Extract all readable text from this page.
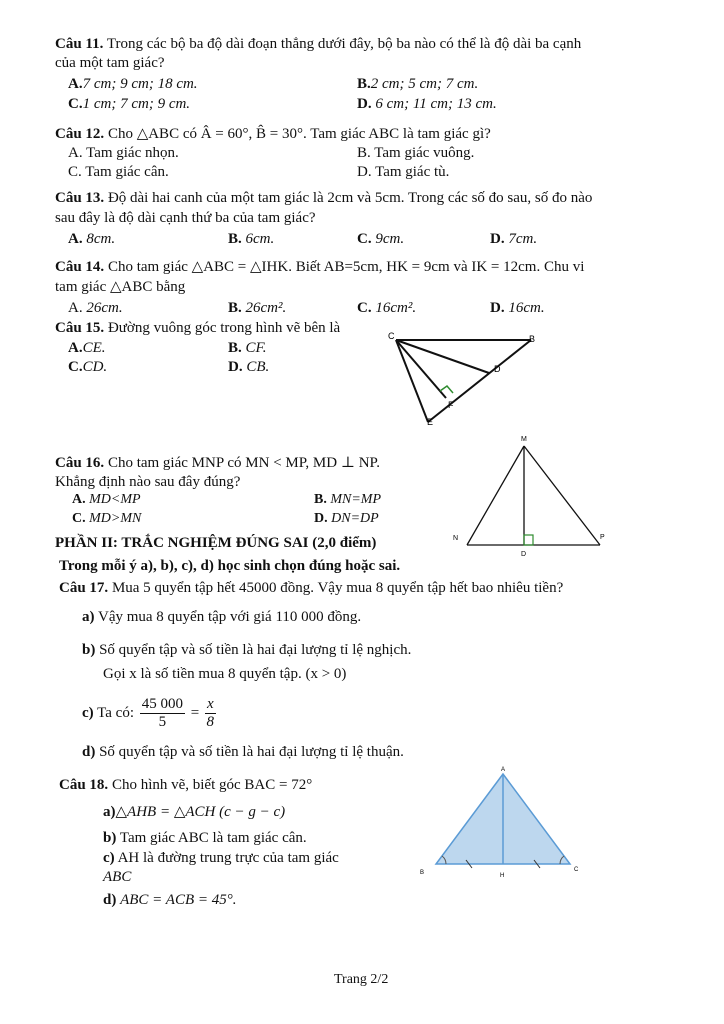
Câu 11. Trong các bộ ba độ dài đoạn thẳng dưới đây, bộ ba nào có thể là độ dài ba cạnh
của một tam giác?
A.7 cm; 9 cm; 18 cm.	B.2 cm; 5 cm; 7 cm.
C.1 cm; 7 cm; 9 cm.	D. 6 cm; 11 cm; 13 cm.
Câu 12. Cho △ABC có Â = 60°, B̂ = 30°. Tam giác ABC là tam giác gì?
A. Tam giác nhọn.	B. Tam giác vuông.
C. Tam giác cân.	D. Tam giác tù.
Câu 13. Độ dài hai canh của một tam giác là 2cm và 5cm. Trong các số đo sau, số đo nào
sau đây là độ dài cạnh thứ ba của tam giác?
A. 8cm.	B. 6cm.	C. 9cm.	D. 7cm.
Câu 14. Cho tam giác △ABC = △IHK. Biết AB=5cm, HK = 9cm và IK = 12cm. Chu vi
tam giác △ABC bằng
A. 26cm.	B. 26cm².	C. 16cm².	D. 16cm.
Câu 15. Đường vuông góc trong hình vẽ bên là
A.CE.	B. CF.
C.CD.	D. CB.
C	B
D
F
E
Câu 16. Cho tam giác MNP có MN < MP, MD ⊥ NP.
Khẳng định nào sau đây đúng?
A. MD<MP	B. MN=MP
C. MD>MN	D. DN=DP
M
N	P
D
PHẦN II: TRẮC NGHIỆM ĐÚNG SAI (2,0 điểm)
Trong mỗi ý a), b), c), d) học sinh chọn đúng hoặc sai.
Câu 17. Mua 5 quyển tập hết 45000 đồng. Vậy mua 8 quyển tập hết bao nhiêu tiền?
a) Vậy mua 8 quyển tập với giá 110 000 đồng.
b) Số quyển tập và số tiền là hai đại lượng tỉ lệ nghịch.
Gọi x là số tiền mua 8 quyển tập. (x > 0)
c) Ta có: $\frac{45 000}{5} = \frac{x}{8}$
d) Số quyển tập và số tiền là hai đại lượng tỉ lệ thuận.
Câu 18. Cho hình vẽ, biết góc BAC = 72°
a)△AHB = △ACH (c − g − c)
b) Tam giác ABC là tam giác cân.
c) AH là đường trung trực của tam giác
ABC
d) ABC = ACB = 45°.
A
B	H
C
Trang 2/2
